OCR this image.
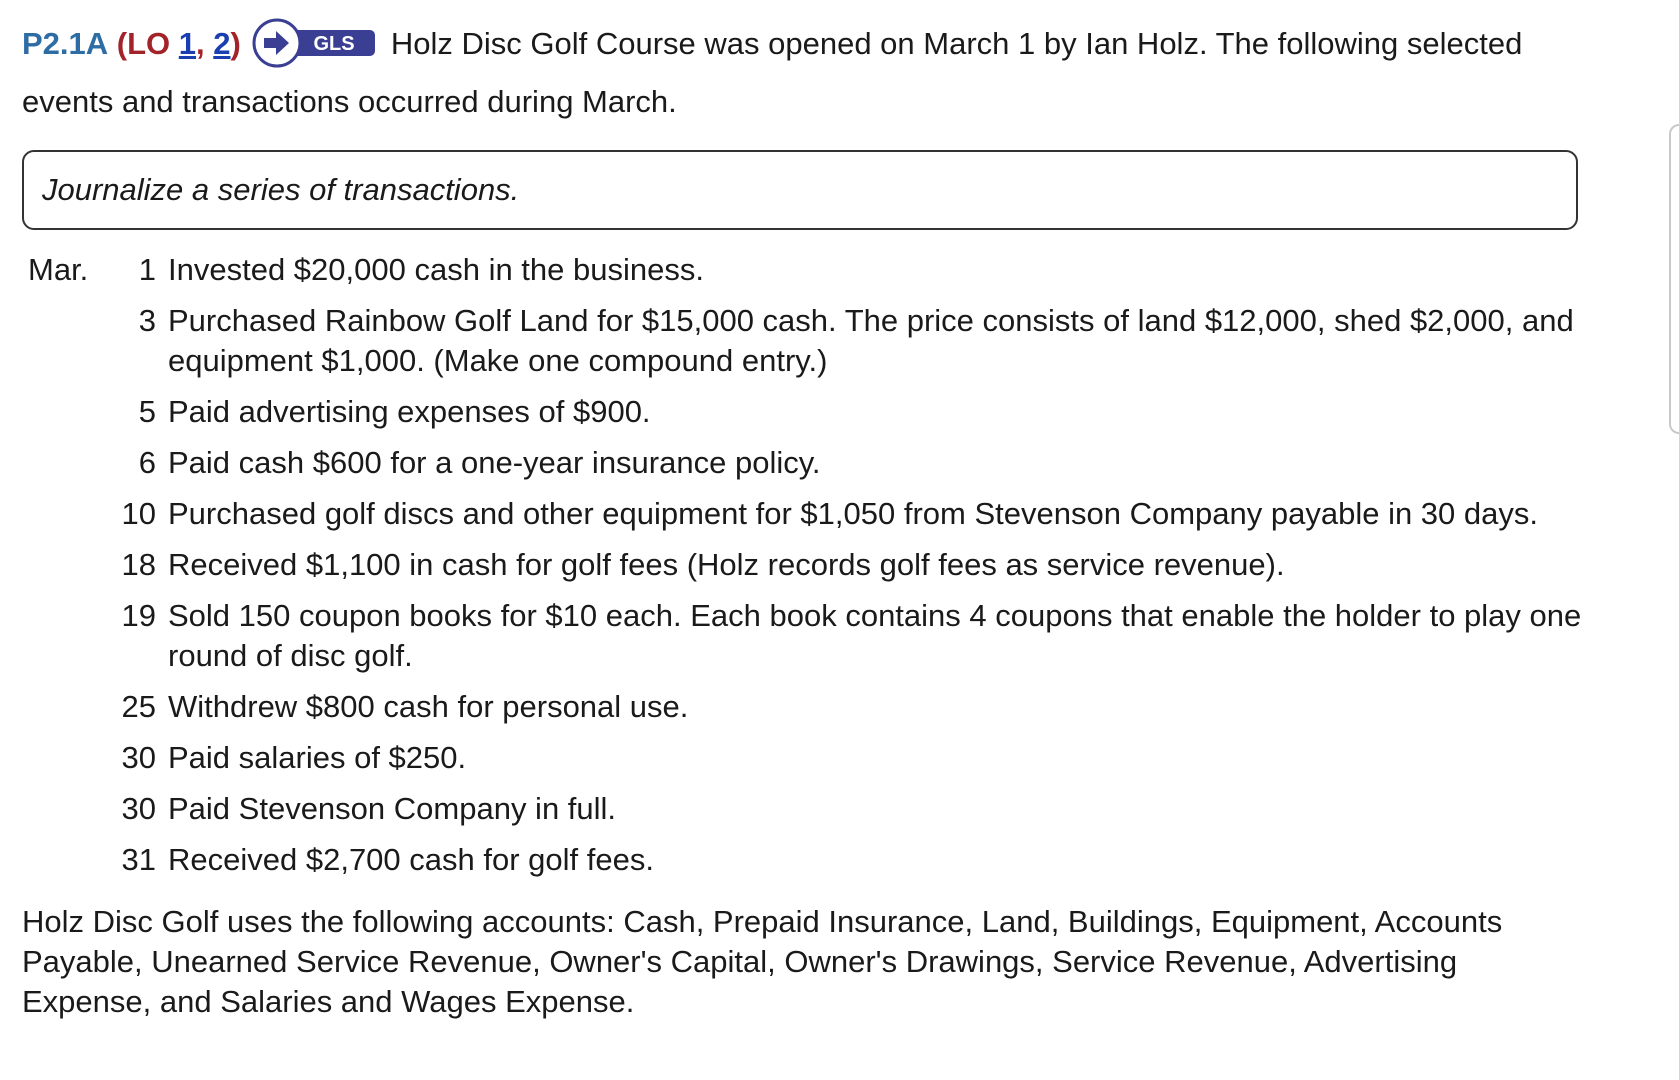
P2.1A (LO 1, 2)	GLS Holz Disc Golf Course was opened on March 1 by Ian Holz. The following selected
events and transactions occurred during March.
Journalize a series of transactions.
Mar.	1 Invested $20,000 cash in the business.
3 Purchased Rainbow Golf Land for $15,000 cash. The price consists of land $12,000, shed $2,000, and equipment $1,000. (Make one compound entry.)
5 Paid advertising expenses of $900.
6 Paid cash $600 for a one-year insurance policy.
10 Purchased golf discs and other equipment for $1,050 from Stevenson Company payable in 30 days.
18 Received $1,100 in cash for golf fees (Holz records golf fees as service revenue).
19 Sold 150 coupon books for $10 each. Each book contains 4 coupons that enable the holder to play one round of disc golf.
25 Withdrew $800 cash for personal use.
30 Paid salaries of $250.
30 Paid Stevenson Company in full.
31 Received $2,700 cash for golf fees.
Holz Disc Golf uses the following accounts: Cash, Prepaid Insurance, Land, Buildings, Equipment, Accounts Payable, Unearned Service Revenue, Owner's Capital, Owner's Drawings, Service Revenue, Advertising Expense, and Salaries and Wages Expense.
